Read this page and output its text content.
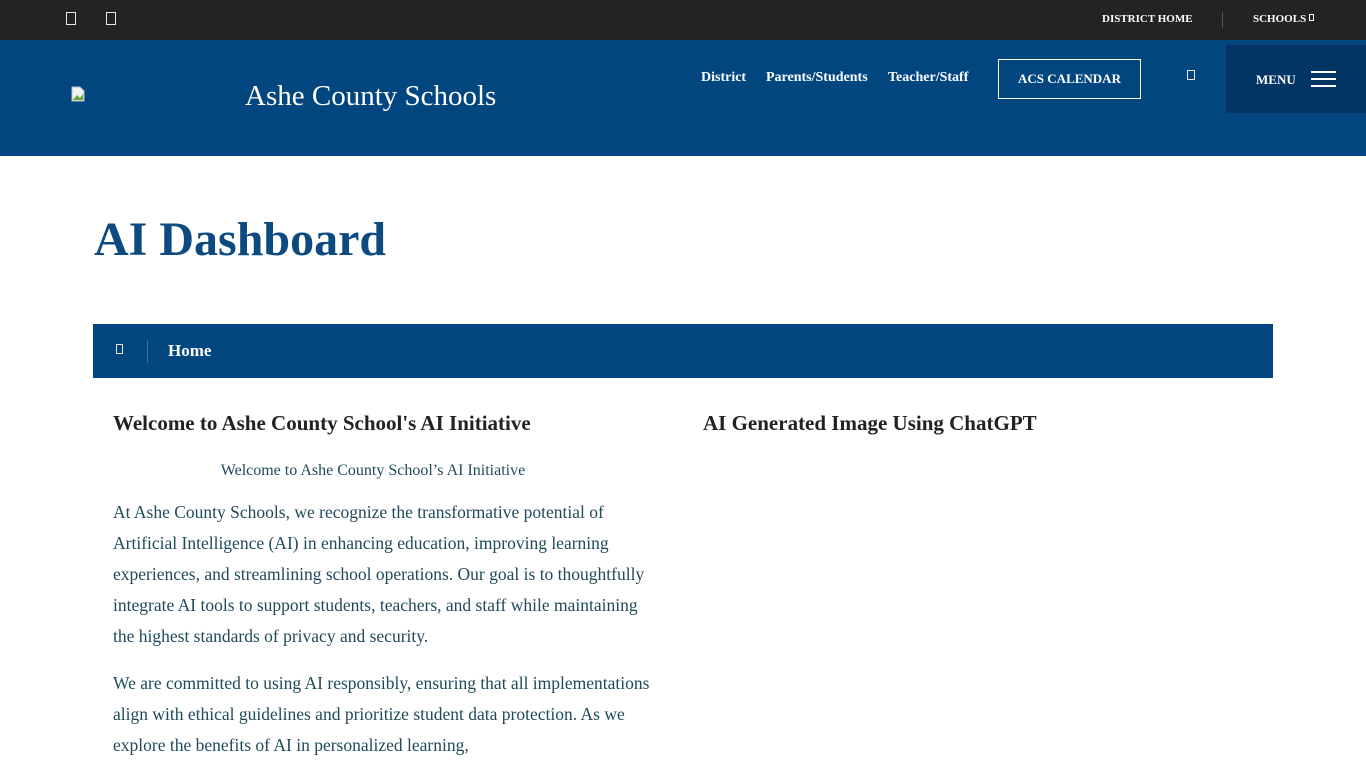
DISTRICT HOME	SCHOOLS
Ashe County Schools
District Parents/Students Teacher/Staff	ACS CALENDAR	MENU
AI Dashboard
Home
Welcome to Ashe County School's AI Initiative
Welcome to Ashe County School’s AI Initiative

At Ashe County Schools, we recognize the transformative potential of Artificial Intelligence (AI) in enhancing education, improving learning experiences, and streamlining school operations. Our goal is to thoughtfully integrate AI tools to support students, teachers, and staff while maintaining the highest standards of privacy and security.

We are committed to using AI responsibly, ensuring that all implementations align with ethical guidelines and prioritize student data protection. As we explore the benefits of AI in personalized learning,

AI Generated Image Using ChatGPT
